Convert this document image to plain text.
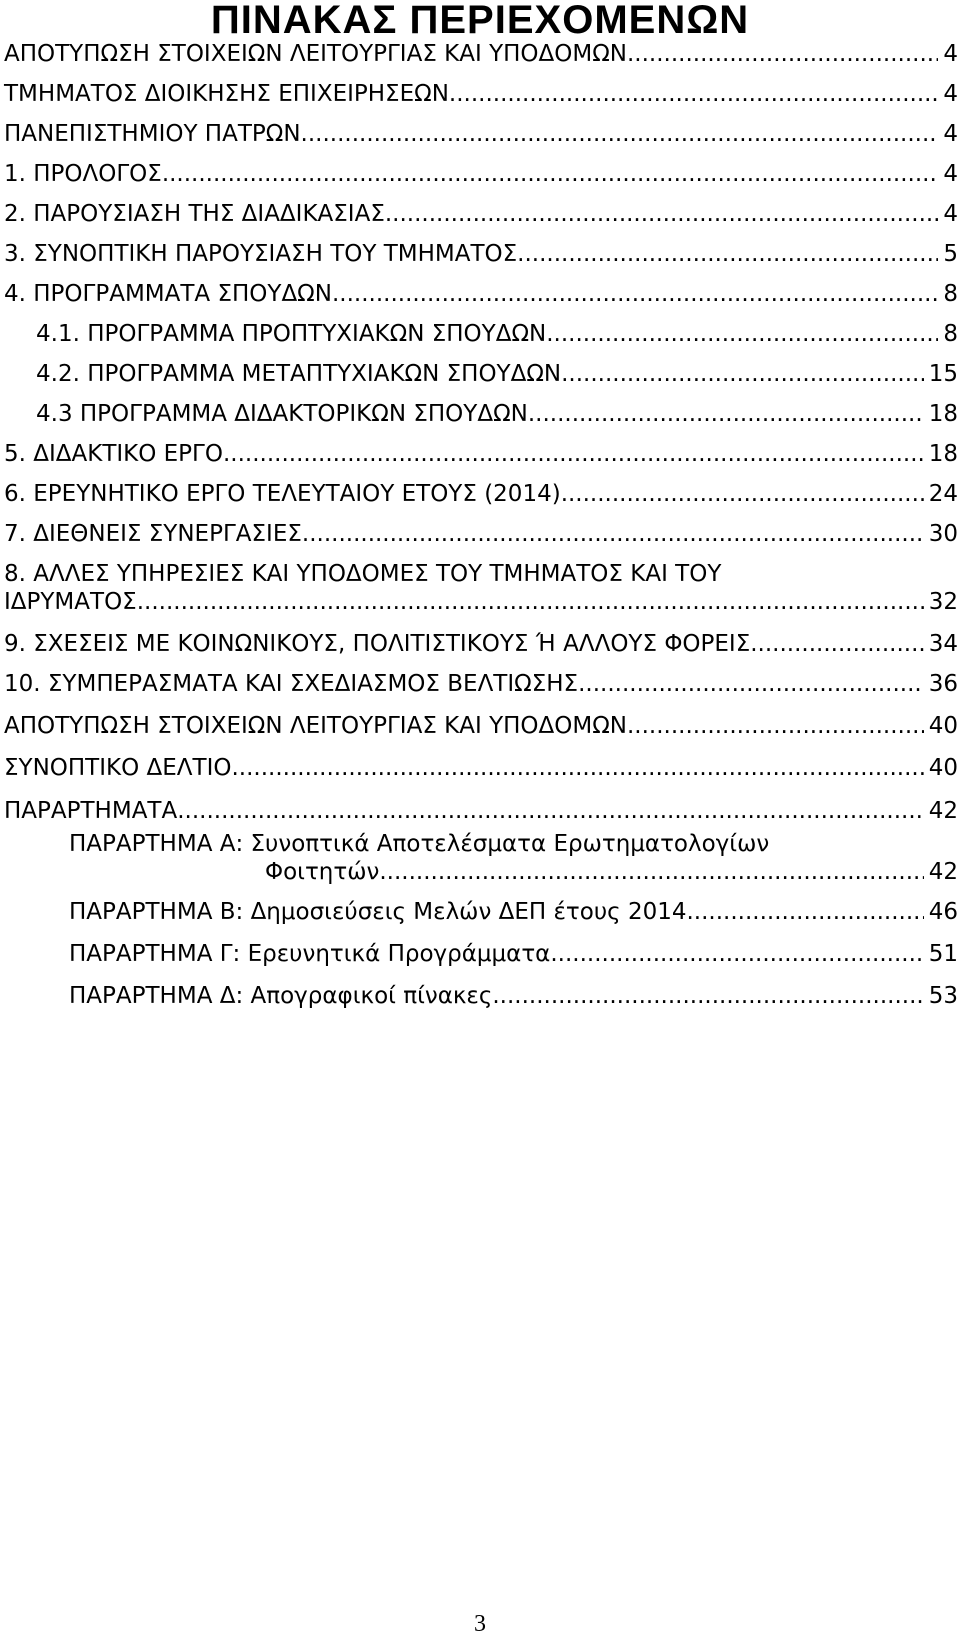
ΠΙΝΑΚΑΣ ΠΕΡΙΕΧΟΜΕΝΩΝ
ΑΠΟΤΥΠΩΣΗ ΣΤΟΙΧΕΙΩΝ ΛΕΙΤΟΥΡΓΙΑΣ ΚΑΙ ΥΠΟΔΟΜΩΝ .....	4
ΤΜΗΜΑΤΟΣ ΔΙΟΙΚΗΣΗΣ ΕΠΙΧΕΙΡΗΣΕΩΝ .....	4
ΠΑΝΕΠΙΣΤΗΜΙΟΥ ΠΑΤΡΩΝ .....	4
1. ΠΡΟΛΟΓΟΣ .....	4
2. ΠΑΡΟΥΣΙΑΣΗ ΤΗΣ ΔΙΑΔΙΚΑΣΙΑΣ .....	4
3. ΣΥΝΟΠΤΙΚΗ ΠΑΡΟΥΣΙΑΣΗ ΤΟΥ ΤΜΗΜΑΤΟΣ .....	5
4. ΠΡΟΓΡΑΜΜΑΤΑ ΣΠΟΥΔΩΝ .....	8
4.1. ΠΡΟΓΡΑΜΜΑ ΠΡΟΠΤΥΧΙΑΚΩΝ ΣΠΟΥΔΩΝ .....	8
4.2. ΠΡΟΓΡΑΜΜΑ ΜΕΤΑΠΤΥΧΙΑΚΩΝ ΣΠΟΥΔΩΝ .....	15
4.3 ΠΡΟΓΡΑΜΜΑ ΔΙΔΑΚΤΟΡΙΚΩΝ ΣΠΟΥΔΩΝ .....	18
5. ΔΙΔΑΚΤΙΚΟ ΕΡΓΟ .....	18
6. ΕΡΕΥΝΗΤΙΚΟ ΕΡΓΟ ΤΕΛΕΥΤΑΙΟΥ ΕΤΟΥΣ (2014) .....	24
7. ΔΙΕΘΝΕΙΣ ΣΥΝΕΡΓΑΣΙΕΣ .....	30
8. ΑΛΛΕΣ ΥΠΗΡΕΣΙΕΣ ΚΑΙ ΥΠΟΔΟΜΕΣ ΤΟΥ ΤΜΗΜΑΤΟΣ ΚΑΙ ΤΟΥ
ΙΔΡΥΜΑΤΟΣ .....	32
9. ΣΧΕΣΕΙΣ ΜΕ ΚΟΙΝΩΝΙΚΟΥΣ, ΠΟΛΙΤΙΣΤΙΚΟΥΣ Ή ΑΛΛΟΥΣ ΦΟΡΕΙΣ .....	34
10. ΣΥΜΠΕΡΑΣΜΑΤΑ ΚΑΙ ΣΧΕΔΙΑΣΜΟΣ ΒΕΛΤΙΩΣΗΣ .....	36
ΑΠΟΤΥΠΩΣΗ ΣΤΟΙΧΕΙΩΝ ΛΕΙΤΟΥΡΓΙΑΣ ΚΑΙ ΥΠΟΔΟΜΩΝ .....	40
ΣΥΝΟΠΤΙΚΟ ΔΕΛΤΙΟ .....	40
ΠΑΡΑΡΤΗΜΑΤΑ .....	42
ΠΑΡΑΡΤΗΜΑ Α: Συνοπτικά Αποτελέσματα Ερωτηματολογίων
Φοιτητών .....	42
ΠΑΡΑΡΤΗΜΑ Β: Δημοσιεύσεις Μελών ΔΕΠ έτους 2014 .....	46
ΠΑΡΑΡΤΗΜΑ Γ: Ερευνητικά Προγράμματα .....	51
ΠΑΡΑΡΤΗΜΑ Δ: Απογραφικοί πίνακες .....	53
3
